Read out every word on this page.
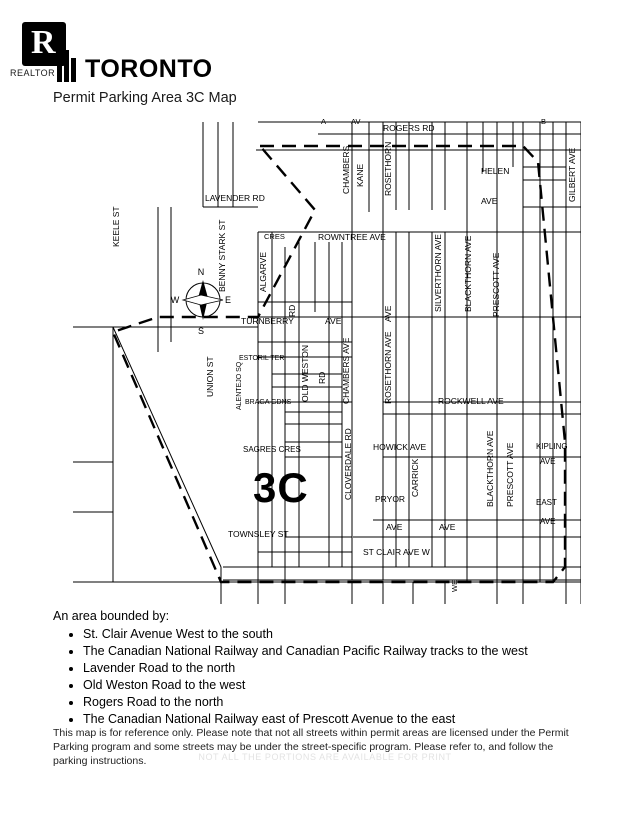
R
REALTOR TORONTO
Permit Parking Area 3C Map
N
S
E
W
3C
ROGERS RD
A	AV	B
KANE
CHAMBERS	ROSETHORN	HELEN
AVE	GILBERT AVE
LAVENDER RD
KEELE ST	ROWNTREE AVE
CRES
BENNY STARK ST	ALGARVE
RD
TURNBERRY	AVE	AVE
SILVERTHORN AVE BLACKTHORN AVE PRESCOTT AVE
ESTORIL TER
UNION ST	ALENTEJO SQ BRAGA GDNS
OLD WESTON RD CHAMBERS AVE	ROSETHORN AVE	ROCKWELL AVE
SAGRES CRES	HOWICK AVE	BLACKTHORN AVE PRESCOTT AVE	KIPLING
AVE
EAST
AVE
CLOVERDALE RD	PRYOR
AVE
CARRICK
AVE
TOWNSLEY ST
ST CLAIR AVE W
WE

An area bounded by:

• St. Clair Avenue West to the south
• The Canadian National Railway and Canadian Pacific Railway tracks to the west
• Lavender Road to the north
• Old Weston Road to the west
• Rogers Road to the north
• The Canadian National Railway east of Prescott Avenue to the east
This map is for reference only. Please note that not all streets within permit areas are licensed under the Permit Parking program and some streets may be under the street-specific program. Please refer to, and follow the parking instructions.	NOT ALL THE PORTIONS ARE AVAILABLE FOR PRINT
